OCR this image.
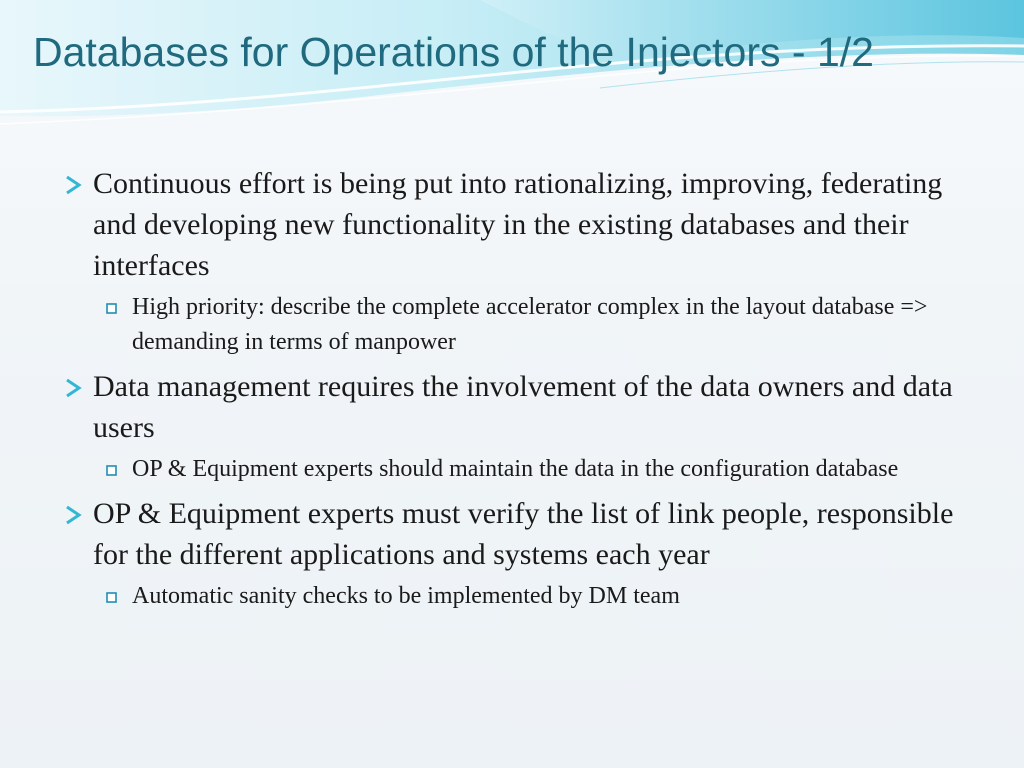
Databases for Operations of the Injectors - 1/2
Continuous effort is being put into rationalizing, improving, federating and developing new functionality in the existing databases and their interfaces
High priority: describe the complete accelerator complex in the layout database => demanding in terms of manpower
Data management requires the involvement of the data owners and data users
OP & Equipment experts should maintain the data in the configuration database
OP & Equipment experts must verify the list of link people, responsible for the different applications and systems each year
Automatic sanity checks to be implemented by DM team
